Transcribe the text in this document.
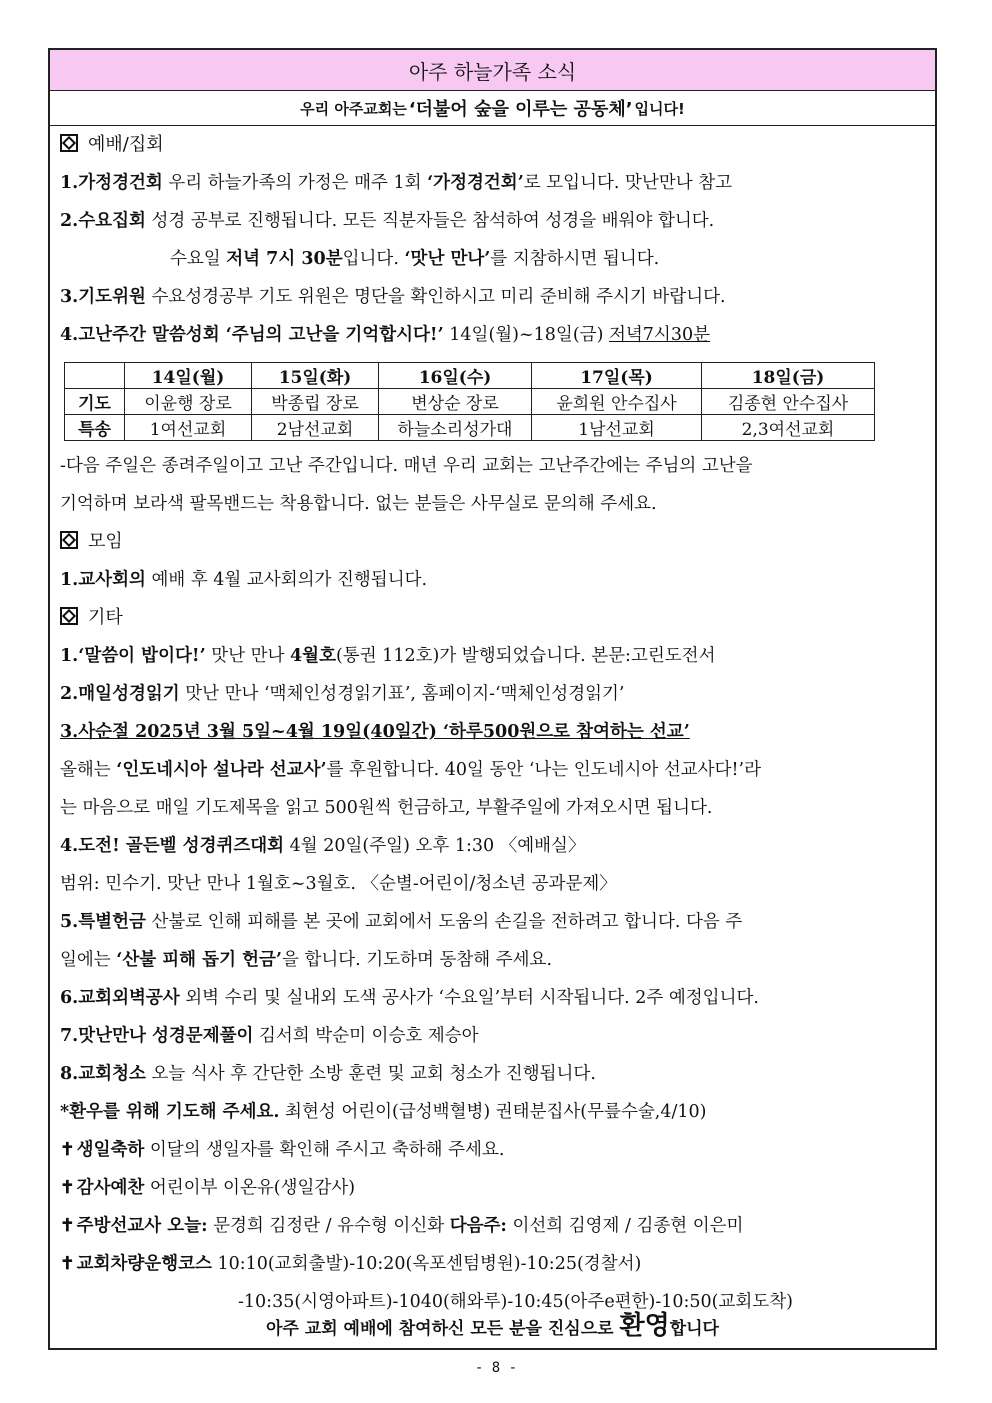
아주 하늘가족 소식
우리 아주교회는 ‘더불어 숲을 이루는 공동체’ 입니다!
예배/집회
1.가정경건회 우리 하늘가족의 가정은 매주 1회 ‘가정경건회’로 모입니다. 맛난만나 참고
2.수요집회 성경 공부로 진행됩니다. 모든 직분자들은 참석하여 성경을 배워야 합니다.
수요일 저녁 7시 30분입니다. ‘맛난 만나’를 지참하시면 됩니다.
3.기도위원 수요성경공부 기도 위원은 명단을 확인하시고 미리 준비해 주시기 바랍니다.
4.고난주간 말씀성회 ‘주님의 고난을 기억합시다!’ 14일(월)~18일(금) 저녁7시30분
	14일(월)	15일(화)	16일(수)	17일(목)	18일(금)
기도	이윤행 장로	박종립 장로	변상순 장로	윤희원 안수집사	김종현 안수집사
특송	1여선교회	2남선교회	하늘소리성가대	1남선교회	2,3여선교회
-다음 주일은 종려주일이고 고난 주간입니다. 매년 우리 교회는 고난주간에는 주님의 고난을
기억하며 보라색 팔목밴드는 착용합니다. 없는 분들은 사무실로 문의해 주세요.
모임
1.교사회의 예배 후 4월 교사회의가 진행됩니다.
기타
1.‘말씀이 밥이다!’ 맛난 만나 4월호(통권 112호)가 발행되었습니다. 본문:고린도전서
2.매일성경읽기 맛난 만나 ‘맥체인성경읽기표’, 홈페이지-‘맥체인성경읽기’
3.사순절 2025년 3월 5일~4월 19일(40일간) ‘하루500원으로 참여하는 선교’
올해는 ‘인도네시아 설나라 선교사’를 후원합니다. 40일 동안 ‘나는 인도네시아 선교사다!’라
는 마음으로 매일 기도제목을 읽고 500원씩 헌금하고, 부활주일에 가져오시면 됩니다.
4.도전! 골든벨 성경퀴즈대회 4월 20일(주일) 오후 1:30 〈예배실〉
범위: 민수기. 맛난 만나 1월호~3월호. 〈순별-어린이/청소년 공과문제〉
5.특별헌금 산불로 인해 피해를 본 곳에 교회에서 도움의 손길을 전하려고 합니다. 다음 주
일에는 ‘산불 피해 돕기 헌금’을 합니다. 기도하며 동참해 주세요.
6.교회외벽공사 외벽 수리 및 실내외 도색 공사가 ‘수요일’부터 시작됩니다. 2주 예정입니다.
7.맛난만나 성경문제풀이 김서희 박순미 이승호 제승아
8.교회청소 오늘 식사 후 간단한 소방 훈련 및 교회 청소가 진행됩니다.
*환우를 위해 기도해 주세요. 최현성 어린이(급성백혈병) 권태분집사(무릎수술,4/10)
✝ 생일축하 이달의 생일자를 확인해 주시고 축하해 주세요.
✝ 감사예찬 어린이부 이온유(생일감사)
✝ 주방선교사 오늘: 문경희 김정란 / 유수형 이신화 다음주: 이선희 김영제 / 김종현 이은미
✝ 교회차량운행코스 10:10(교회출발)-10:20(옥포센텀병원)-10:25(경찰서)
-10:35(시영아파트)-1040(해와루)-10:45(아주e편한)-10:50(교회도착)
아주 교회 예배에 참여하신 모든 분을 진심으로 환영합니다
- 8 -
